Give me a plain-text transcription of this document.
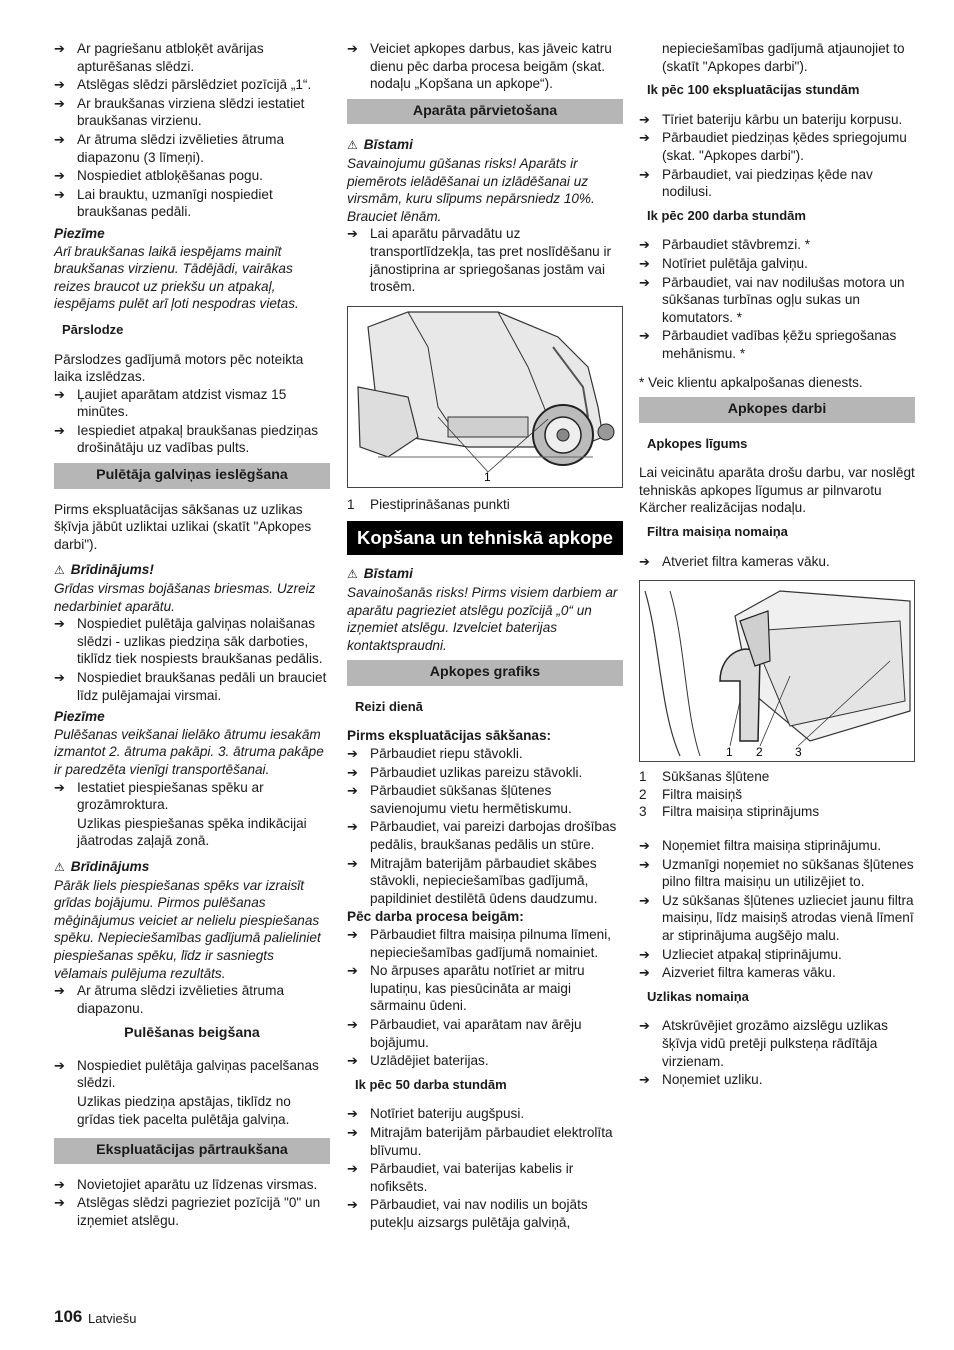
➔ Ar pagriešanu atbloķēt avārijas apturēšanas slēdzi.
➔ Atslēgas slēdzi pārslēdziet pozīcijā „1“.
➔ Ar braukšanas virziena slēdzi iestatiet braukšanas virzienu.
➔ Ar ātruma slēdzi izvēlieties ātruma diapazonu (3 līmeņi).
➔ Nospiediet atbloķēšanas pogu.
➔ Lai brauktu, uzmanīgi nospiediet braukšanas pedāli.
Piezīme
Arī braukšanas laikā iespējams mainīt braukšanas virzienu. Tādējādi, vairākas reizes braucot uz priekšu un atpakaļ, iespējams pulēt arī ļoti nespodras vietas.
Pārslodze
Pārslodzes gadījumā motors pēc noteikta laika izslēdzas.
➔ Ļaujiet aparātam atdzist vismaz 15 minūtes.
➔ Iespiediet atpakaļ braukšanas piedziņas drošinātāju uz vadības pults.
Pulētāja galviņas ieslēgšana
Pirms ekspluatācijas sākšanas uz uzlikas šķīvja jābūt uzliktai uzlikai (skatīt "Apkopes darbi").
⚠ Brīdinājums!
Grīdas virsmas bojāšanas briesmas. Uzreiz nedarbiniet aparātu.
➔ Nospiediet pulētāja galviņas nolaišanas slēdzi - uzlikas piedziņa sāk darboties, tiklīdz tiek nospiests braukšanas pedālis.
➔ Nospiediet braukšanas pedāli un brauciet līdz pulējamajai virsmai.
Piezīme
Pulēšanas veikšanai lielāko ātrumu iesakām izmantot 2. ātruma pakāpi. 3. ātruma pakāpe ir paredzēta vienīgi transportēšanai.
➔ Iestatiet piespiešanas spēku ar grozāmroktura.
Uzlikas piespiešanas spēka indikācijai jāatrodas zaļajā zonā.
⚠ Brīdinājums
Pārāk liels piespiešanas spēks var izraisīt grīdas bojājumu. Pirmos pulēšanas mēģinājumus veiciet ar nelielu piespiešanas spēku. Nepieciešamības gadījumā palieliniet piespiešanas spēku, līdz ir sasniegts vēlamais pulējuma rezultāts.
➔ Ar ātruma slēdzi izvēlieties ātruma diapazonu.
Pulēšanas beigšana
➔ Nospiediet pulētāja galviņas pacelšanas slēdzi.
Uzlikas piedziņa apstājas, tiklīdz no grīdas tiek pacelta pulētāja galviņa.
Ekspluatācijas pārtraukšana
➔ Novietojiet aparātu uz līdzenas virsmas.
➔ Atslēgas slēdzi pagrieziet pozīcijā "0" un izņemiet atslēgu.
➔ Veiciet apkopes darbus, kas jāveic katru dienu pēc darba procesa beigām (skat. nodaļu „Kopšana un apkope“).
Aparāta pārvietošana
⚠ Bīstami
Savainojumu gūšanas risks! Aparāts ir piemērots ielādēšanai un izlādēšanai uz virsmām, kuru slīpums nepārsniedz 10%. Brauciet lēnām.
➔ Lai aparātu pārvadātu uz transportlīdzekļa, tas pret noslīdēšanu ir jānostiprina ar spriegošanas jostām vai trosēm.
1
1 Piestiprināšanas punkti
Kopšana un tehniskā apkope
⚠ Bīstami
Savainošanās risks! Pirms visiem darbiem ar aparātu pagrieziet atslēgu pozīcijā „0“ un izņemiet atslēgu. Izvelciet baterijas kontaktspraudni.
Apkopes grafiks
Reizi dienā
Pirms ekspluatācijas sākšanas:
➔ Pārbaudiet riepu stāvokli.
➔ Pārbaudiet uzlikas pareizu stāvokli.
➔ Pārbaudiet sūkšanas šļūtenes savienojumu vietu hermētiskumu.
➔ Pārbaudiet, vai pareizi darbojas drošības pedālis, braukšanas pedālis un stūre.
➔ Mitrajām baterijām pārbaudiet skābes stāvokli, nepieciešamības gadījumā, papildiniet destilētā ūdens daudzumu.
Pēc darba procesa beigām:
➔ Pārbaudiet filtra maisiņa pilnuma līmeni, nepieciešamības gadījumā nomainiet.
➔ No ārpuses aparātu notīriet ar mitru lupatiņu, kas piesūcināta ar maigi sārmainu ūdeni.
➔ Pārbaudiet, vai aparātam nav ārēju bojājumu.
➔ Uzlādējiet baterijas.
Ik pēc 50 darba stundām
➔ Notīriet bateriju augšpusi.
➔ Mitrajām baterijām pārbaudiet elektrolīta blīvumu.
➔ Pārbaudiet, vai baterijas kabelis ir nofiksēts.
➔ Pārbaudiet, vai nav nodilis un bojāts putekļu aizsargs pulētāja galviņā,
nepieciešamības gadījumā atjaunojiet to (skatīt "Apkopes darbi").
Ik pēc 100 ekspluatācijas stundām
➔ Tīriet bateriju kārbu un bateriju korpusu.
➔ Pārbaudiet piedziņas ķēdes spriegojumu (skat. "Apkopes darbi").
➔ Pārbaudiet, vai piedziņas ķēde nav nodilusi.
Ik pēc 200 darba stundām
➔ Pārbaudiet stāvbremzi. *
➔ Notīriet pulētāja galviņu.
➔ Pārbaudiet, vai nav nodilušas motora un sūkšanas turbīnas ogļu sukas un komutators. *
➔ Pārbaudiet vadības ķēžu spriegošanas mehānismu. *
* Veic klientu apkalpošanas dienests.
Apkopes darbi
Apkopes līgums
Lai veicinātu aparāta drošu darbu, var noslēgt tehniskās apkopes līgumus ar pilnvarotu Kärcher realizācijas nodaļu.
Filtra maisiņa nomaiņa
➔ Atveriet filtra kameras vāku.
1 2	3
1 Sūkšanas šļūtene
2 Filtra maisiņš
3 Filtra maisiņa stiprinājums
➔ Noņemiet filtra maisiņa stiprinājumu.
➔ Uzmanīgi noņemiet no sūkšanas šļūtenes pilno filtra maisiņu un utilizējiet to.
➔ Uz sūkšanas šļūtenes uzlieciet jaunu filtra maisiņu, līdz maisiņš atrodas vienā līmenī ar stiprinājuma augšējo malu.
➔ Uzlieciet atpakaļ stiprinājumu.
➔ Aizveriet filtra kameras vāku.
Uzlikas nomaiņa
➔ Atskrūvējiet grozāmo aizslēgu uzlikas šķīvja vidū pretēji pulksteņa rādītāja virzienam.
➔ Noņemiet uzliku.
106 Latviešu
